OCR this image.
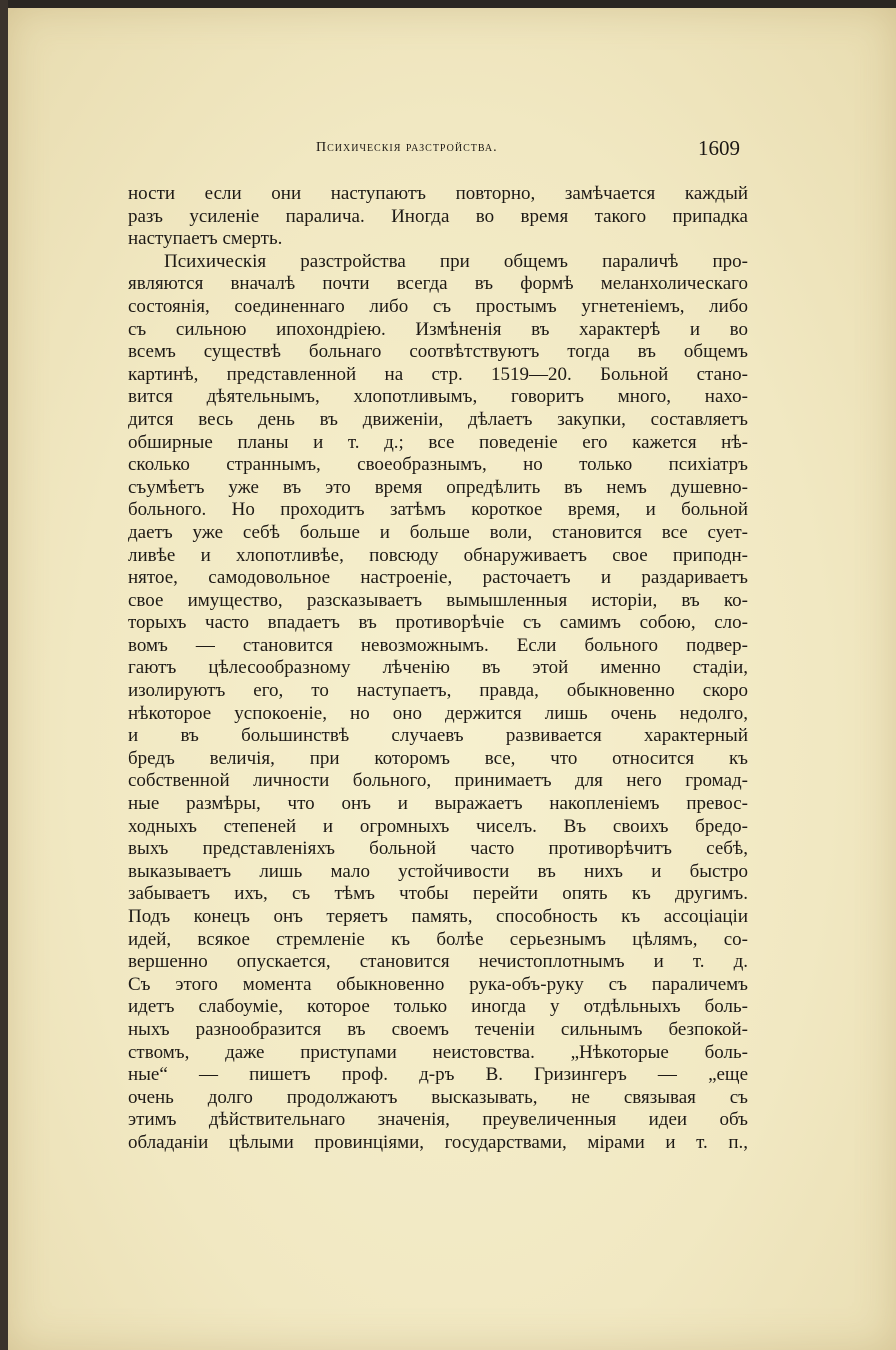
Психическія разстройства.	1609
ности если они наступаютъ повторно, замѣчается каждый
разъ усиленіе паралича. Иногда во время такого припадка
наступаетъ смерть.
Психическія разстройства при общемъ параличѣ про-
являются вначалѣ почти всегда въ формѣ меланхолическаго
состоянія, соединеннаго либо съ простымъ угнетеніемъ, либо
съ сильною ипохондріею. Измѣненія въ характерѣ и во
всемъ существѣ больнаго соотвѣтствуютъ тогда въ общемъ
картинѣ, представленной на стр. 1519—20. Больной стано-
вится дѣятельнымъ, хлопотливымъ, говоритъ много, нахо-
дится весь день въ движеніи, дѣлаетъ закупки, составляетъ
обширные планы и т. д.; все поведеніе его кажется нѣ-
сколько страннымъ, своеобразнымъ, но только психіатръ
съумѣетъ уже въ это время опредѣлить въ немъ душевно-
больного. Но проходитъ затѣмъ короткое время, и больной
даетъ уже себѣ больше и больше воли, становится все сует-
ливѣе и хлопотливѣе, повсюду обнаруживаетъ свое приподн-
нятое, самодовольное настроеніе, расточаетъ и раздариваетъ
свое имущество, разсказываетъ вымышленныя исторіи, въ ко-
торыхъ часто впадаетъ въ противорѣчіе съ самимъ собою, сло-
вомъ — становится невозможнымъ. Если больного подвер-
гаютъ цѣлесообразному лѣченію въ этой именно стадіи,
изолируютъ его, то наступаетъ, правда, обыкновенно скоро
нѣкоторое успокоеніе, но оно держится лишь очень недолго,
и въ большинствѣ случаевъ развивается характерный
бредъ величія, при которомъ все, что относится къ
собственной личности больного, принимаетъ для него громад-
ные размѣры, что онъ и выражаетъ накопленіемъ превос-
ходныхъ степеней и огромныхъ чиселъ. Въ своихъ бредо-
выхъ представленіяхъ больной часто противорѣчитъ себѣ,
выказываетъ лишь мало устойчивости въ нихъ и быстро
забываетъ ихъ, съ тѣмъ чтобы перейти опять къ другимъ.
Подъ конецъ онъ теряетъ память, способность къ ассоціаціи
идей, всякое стремленіе къ болѣе серьезнымъ цѣлямъ, со-
вершенно опускается, становится нечистоплотнымъ и т. д.
Съ этого момента обыкновенно рука-объ-руку съ параличемъ
идетъ слабоуміе, которое только иногда у отдѣльныхъ боль-
ныхъ разнообразится въ своемъ теченіи сильнымъ безпокой-
ствомъ, даже приступами неистовства. „Нѣкоторые боль-
ные“ — пишетъ проф. д-ръ В. Гризингеръ — „еще
очень долго продолжаютъ высказывать, не связывая съ
этимъ дѣйствительнаго значенія, преувеличенныя идеи объ
обладаніи цѣлыми провинціями, государствами, мірами и т. п.,
